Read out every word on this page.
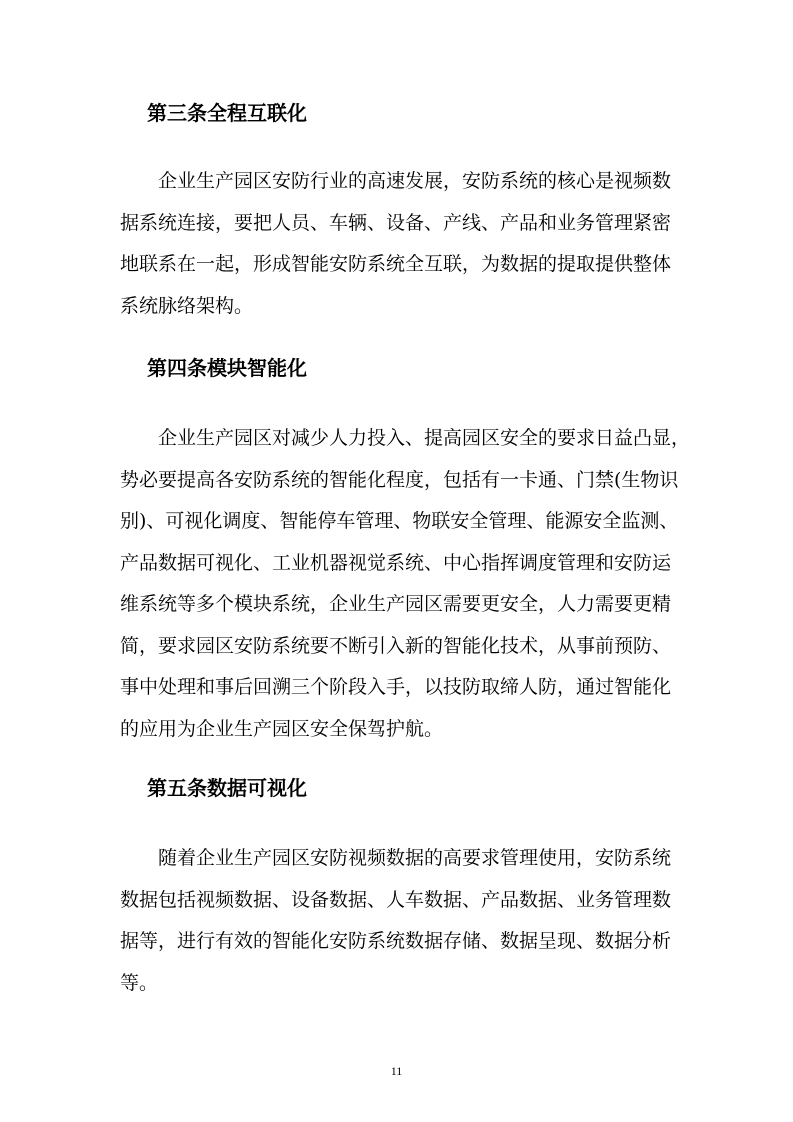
第三条全程互联化
企业生产园区安防行业的高速发展，安防系统的核心是视频数
据系统连接，要把人员、车辆、设备、产线、产品和业务管理紧密
地联系在一起，形成智能安防系统全互联，为数据的提取提供整体
系统脉络架构。
第四条模块智能化
企业生产园区对减少人力投入、提高园区安全的要求日益凸显，
势必要提高各安防系统的智能化程度，包括有一卡通、门禁(生物识
别)、可视化调度、智能停车管理、物联安全管理、能源安全监测、
产品数据可视化、工业机器视觉系统、中心指挥调度管理和安防运
维系统等多个模块系统，企业生产园区需要更安全，人力需要更精
简，要求园区安防系统要不断引入新的智能化技术，从事前预防、
事中处理和事后回溯三个阶段入手，以技防取缔人防，通过智能化
的应用为企业生产园区安全保驾护航。
第五条数据可视化
随着企业生产园区安防视频数据的高要求管理使用，安防系统
数据包括视频数据、设备数据、人车数据、产品数据、业务管理数
据等，进行有效的智能化安防系统数据存储、数据呈现、数据分析
等。
11
